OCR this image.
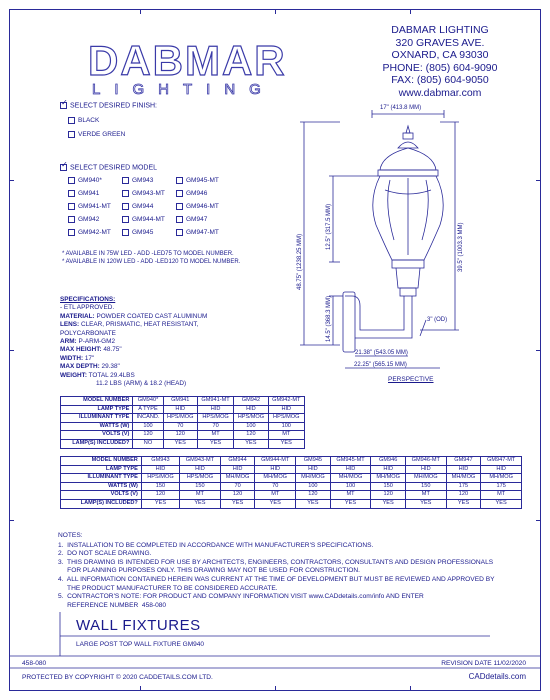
DABMAR
LIGHTING
DABMAR LIGHTING
320 GRAVES AVE.
OXNARD, CA 93030
PHONE: (805) 604-9090
FAX: (805) 604-9050
www.dabmar.com
✓SELECT DESIRED FINISH:
BLACK
VERDE GREEN
✓SELECT DESIRED MODEL
* AVAILABLE IN 75W LED - ADD -LED75 TO MODEL NUMBER.
* AVAILABLE IN 120W LED - ADD -LED120 TO MODEL NUMBER.
SPECIFICATIONS:
- ETL APPROVED.
MATERIAL: POWDER COATED CAST ALUMINUM
LENS: CLEAR, PRISMATIC, HEAT RESISTANT,
POLYCARBONATE
ARM: P-ARM-GM2
MAX HEIGHT: 48.75"
WIDTH: 17"
MAX DEPTH: 29.38"
WEIGHT: TOTAL 29.4LBS
11.2 LBS (ARM) & 18.2 (HEAD)
MODEL NUMBER	GM940*	GM941	GM941-MT	GM942	GM942-MT
LAMP TYPE	A TYPE	HID	HID	HID	HID
ILLUMINANT TYPE	INCAND.	HPS/MOG	HPS/MOG	HPS/MOG	HPS/MOG
WATTS (W)	100	70	70	100	100
VOLTS (V)	120	120	MT	120	MT
LAMP(S) INCLUDED?	NO	YES	YES	YES	YES
MODEL NUMBER	GM943	GM943-MT	GM944	GM944-MT	GM945	GM945-MT	GM946	GM946-MT	GM947	GM947-MT
LAMP TYPE	HID	HID	HID	HID	HID	HID	HID	HID	HID	HID
ILLUMINANT TYPE	HPS/MOG	HPS/MOG	MH/MOG	MH/MOG	MH/MOG	MH/MOG	MH/MOG	MH/MOG	MH/MOG	MH/MOG
WATTS (W)	150	150	70	70	100	100	150	150	175	175
VOLTS (V)	120	MT	120	MT	120	MT	120	MT	120	MT
LAMP(S) INCLUDED?	YES	YES	YES	YES	YES	YES	YES	YES	YES	YES
17" (413.8 MM)
48.75" (1238.25 MM)
12.5" (317.5 MM)	39.5" (1003.3 MM)
14.5" (368.3 MM)	3" (OD)
21.38" (543.05 MM)
22.25" (565.15 MM)
PERSPECTIVE
NOTES:
1.  INSTALLATION TO BE COMPLETED IN ACCORDANCE WITH MANUFACTURER'S SPECIFICATIONS.
2.  DO NOT SCALE DRAWING.
3.  THIS DRAWING IS INTENDED FOR USE BY ARCHITECTS, ENGINEERS, CONTRACTORS, CONSULTANTS AND DESIGN PROFESSIONALS
FOR PLANNING PURPOSES ONLY. THIS DRAWING MAY NOT BE USED FOR CONSTRUCTION.
4.  ALL INFORMATION CONTAINED HEREIN WAS CURRENT AT THE TIME OF DEVELOPMENT BUT MUST BE REVIEWED AND APPROVED BY
THE PRODUCT MANUFACTURER TO BE CONSIDERED ACCURATE.
5.  CONTRACTOR'S NOTE: FOR PRODUCT AND COMPANY INFORMATION VISIT www.CADdetails.com/info AND ENTER
REFERENCE NUMBER  458-080
WALL FIXTURES
LARGE POST TOP WALL FIXTURE GM940
458-080	REVISION DATE 11/02/2020
PROTECTED BY COPYRIGHT © 2020 CADDETAILS.COM LTD.	CADdetails.com
GM940*	GM943	GM945-MT
GM941	GM943-MT	GM946
GM941-MT	GM944	GM946-MT
GM942	GM944-MT	GM947
GM942-MT	GM945	GM947-MT
